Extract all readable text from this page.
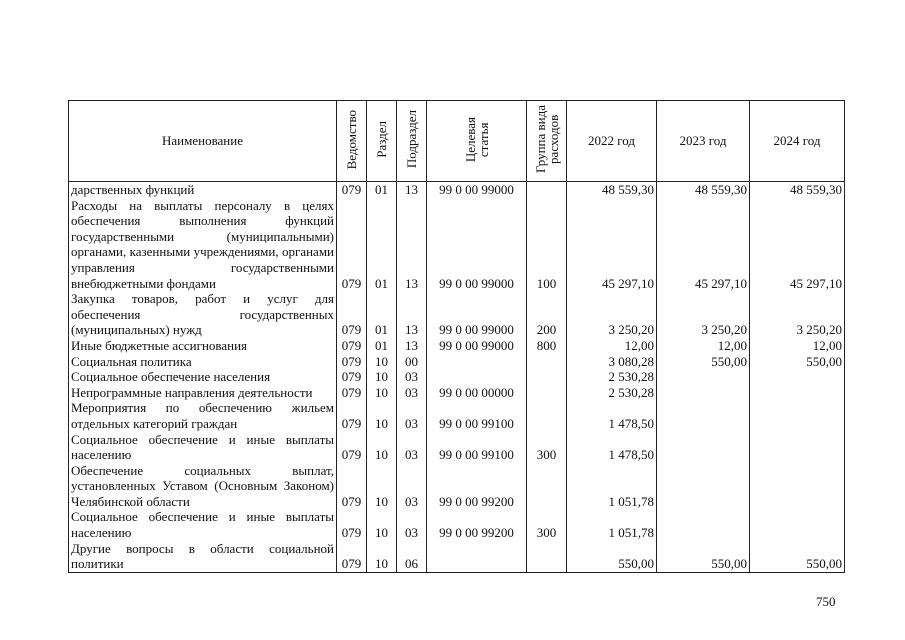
Наименование	Ведомство	Раздел	Подраздел	Целевая
статья	Группа вида
расходов	2022 год	2023 год	2024 год
дарственных функций	079	01	13	99 0 00 99000		48 559,30	48 559,30	48 559,30
Расходы на выплаты персоналу в целях обеспечения выполнения функций государственными (муниципальными) органами, казенными учреждениями, органами управления государственными внебюджетными фондами	079	01	13	99 0 00 99000	100	45 297,10	45 297,10	45 297,10
Закупка товаров, работ и услуг для обеспечения государственных (муниципальных) нужд	079	01	13	99 0 00 99000	200	3 250,20	3 250,20	3 250,20
Иные бюджетные ассигнования	079	01	13	99 0 00 99000	800	12,00	12,00	12,00
Социальная политика	079	10	00			3 080,28	550,00	550,00
Социальное обеспечение населения	079	10	03			2 530,28		
Непрограммные направления деятельности	079	10	03	99 0 00 00000		2 530,28		
Мероприятия по обеспечению жильем отдельных категорий граждан	079	10	03	99 0 00 99100		1 478,50		
Социальное обеспечение и иные выплаты населению	079	10	03	99 0 00 99100	300	1 478,50		
Обеспечение социальных выплат, установленных Уставом (Основным Законом) Челябинской области	079	10	03	99 0 00 99200		1 051,78		
Социальное обеспечение и иные выплаты населению	079	10	03	99 0 00 99200	300	1 051,78		
Другие вопросы в области социальной политики	079	10	06			550,00	550,00	550,00
750
